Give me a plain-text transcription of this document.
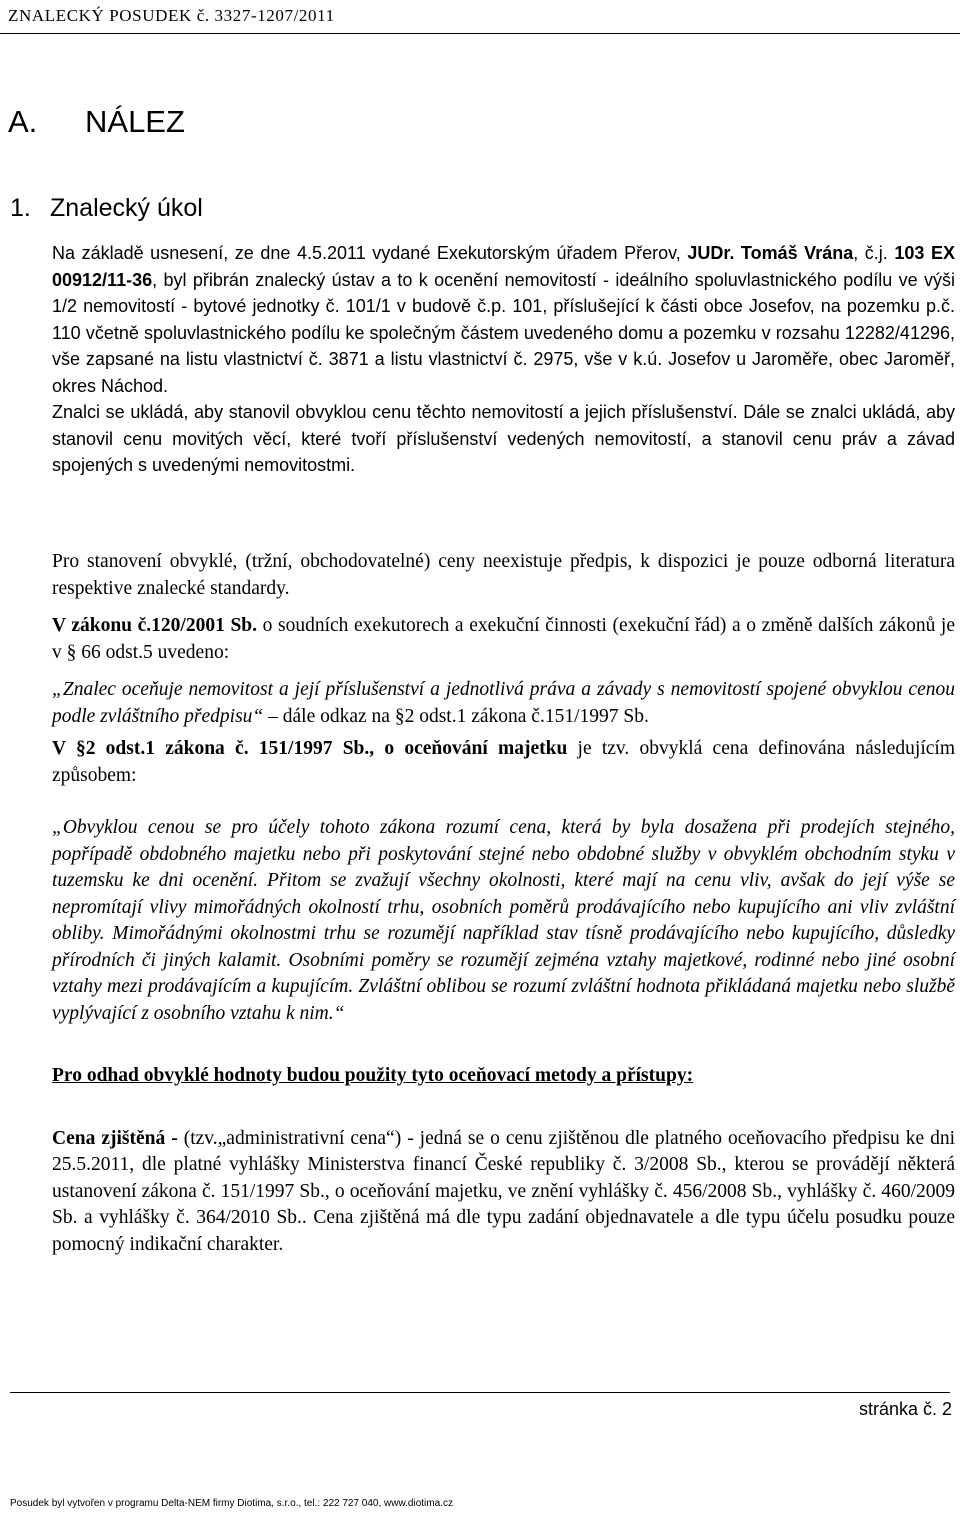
ZNALECKÝ POSUDEK č. 3327-1207/2011
A. NÁLEZ
1. Znalecký úkol

Na základě usnesení, ze dne 4.5.2011 vydané Exekutorským úřadem Přerov, JUDr. Tomáš Vrána, č.j. 103 EX 00912/11-36, byl přibrán znalecký ústav a to k ocenění nemovitostí - ideálního spoluvlastnického podílu ve výši 1/2 nemovitostí - bytové jednotky č. 101/1 v budově č.p. 101, příslušející k části obce Josefov, na pozemku p.č. 110 včetně spoluvlastnického podílu ke společným částem uvedeného domu a pozemku v rozsahu 12282/41296, vše zapsané na listu vlastnictví č. 3871 a listu vlastnictví č. 2975, vše v k.ú. Josefov u Jaroměře, obec Jaroměř, okres Náchod.

Znalci se ukládá, aby stanovil obvyklou cenu těchto nemovitostí a jejich příslušenství. Dále se znalci ukládá, aby stanovil cenu movitých věcí, které tvoří příslušenství vedených nemovitostí, a stanovil cenu práv a závad spojených s uvedenými nemovitostmi.

Pro stanovení obvyklé, (tržní, obchodovatelné) ceny neexistuje předpis, k dispozici je pouze odborná literatura respektive znalecké standardy.

V zákonu č.120/2001 Sb. o soudních exekutorech a exekuční činnosti (exekuční řád) a o změně dalších zákonů je v § 66 odst.5 uvedeno:

„Znalec oceňuje nemovitost a její příslušenství a jednotlivá práva a závady s nemovitostí spojené obvyklou cenou podle zvláštního předpisu“ – dále odkaz na §2 odst.1 zákona č.151/1997 Sb.

V §2 odst.1 zákona č. 151/1997 Sb., o oceňování majetku je tzv. obvyklá cena definována následujícím způsobem:

„Obvyklou cenou se pro účely tohoto zákona rozumí cena, která by byla dosažena při prodejích stejného, popřípadě obdobného majetku nebo při poskytování stejné nebo obdobné služby v obvyklém obchodním styku v tuzemsku ke dni ocenění. Přitom se zvažují všechny okolnosti, které mají na cenu vliv, avšak do její výše se nepromítají vlivy mimořádných okolností trhu, osobních poměrů prodávajícího nebo kupujícího ani vliv zvláštní obliby. Mimořádnými okolnostmi trhu se rozumějí například stav tísně prodávajícího nebo kupujícího, důsledky přírodních či jiných kalamit. Osobními poměry se rozumějí zejména vztahy majetkové, rodinné nebo jiné osobní vztahy mezi prodávajícím a kupujícím. Zvláštní oblibou se rozumí zvláštní hodnota přikládaná majetku nebo službě vyplývající z osobního vztahu k nim.“

Pro odhad obvyklé hodnoty budou použity tyto oceňovací metody a přístupy:

Cena zjištěná - (tzv.„administrativní cena“) - jedná se o cenu zjištěnou dle platného oceňovacího předpisu ke dni 25.5.2011, dle platné vyhlášky Ministerstva financí České republiky č. 3/2008 Sb., kterou se provádějí některá ustanovení zákona č. 151/1997 Sb., o oceňování majetku, ve znění vyhlášky č. 456/2008 Sb., vyhlášky č. 460/2009 Sb. a vyhlášky č. 364/2010 Sb.. Cena zjištěná má dle typu zadání objednavatele a dle typu účelu posudku pouze pomocný indikační charakter.

stránka č. 2
Posudek byl vytvořen v programu Delta-NEM firmy Diotima, s.r.o., tel.: 222 727 040, www.diotima.cz
